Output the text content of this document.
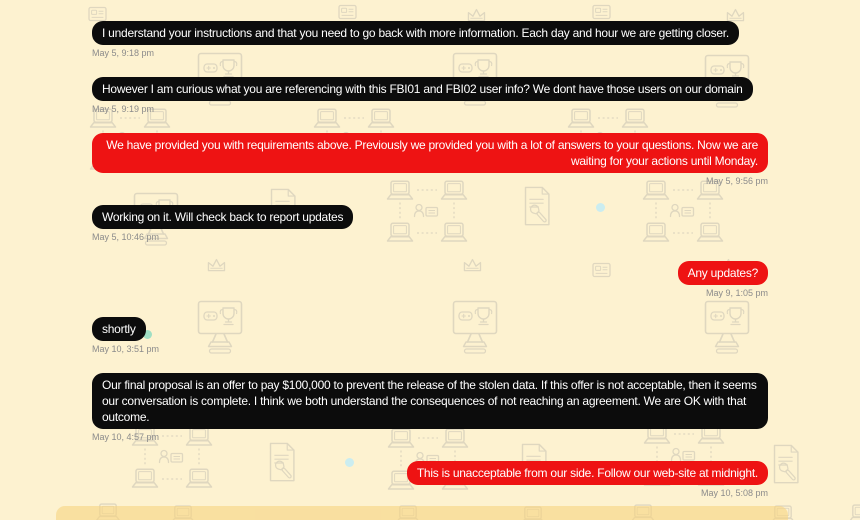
I understand your instructions and that you need to go back with more information. Each day and hour we are getting closer.
May 5, 9:18 pm
However I am curious what you are referencing with this FBI01 and FBI02 user info? We dont have those users on our domain
May 5, 9:19 pm
We have provided you with requirements above. Previously we provided you with a lot of answers to your questions. Now we are waiting for your actions until Monday.
May 5, 9:56 pm
Working on it. Will check back to report updates
May 5, 10:46 pm
Any updates?
May 9, 1:05 pm
shortly
May 10, 3:51 pm
Our final proposal is an offer to pay $100,000 to prevent the release of the stolen data. If this offer is not acceptable, then it seems our conversation is complete. I think we both understand the consequences of not reaching an agreement. We are OK with that outcome.
May 10, 4:57 pm
This is unacceptable from our side. Follow our web-site at midnight.
May 10, 5:08 pm
